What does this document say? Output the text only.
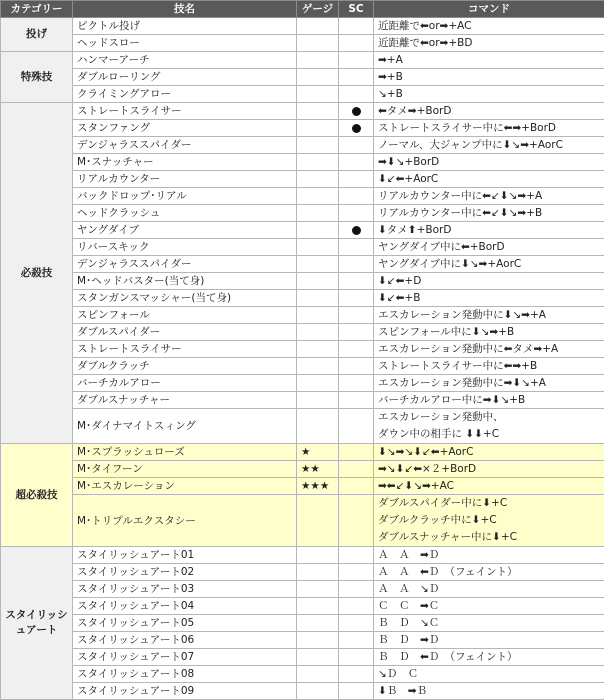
カテゴリー	技名	ゲージ	SC	コマンド
投げ	ピクトル投げ			近距離で⬅or➡+AC

	ヘッドスロー			近距離で⬅or➡+BD

特殊技	ハンマーアーチ			➡+A

	ダブルローリング			➡+B

	クライミングアロー			↘+B

必殺技	ストレートスライサー			⬅タメ➡+BorD

	スタンファング			ストレートスライサー中に⬅➡+BorD

	デンジャラススパイダー			ノーマル、大ジャンプ中に⬇↘➡+AorC

	M･スナッチャー			➡⬇↘+BorD

	リアルカウンター			⬇↙⬅+AorC

	バックドロップ･リアル			リアルカウンター中に⬅↙⬇↘➡+A

	ヘッドクラッシュ			リアルカウンター中に⬅↙⬇↘➡+B

	ヤングダイブ			⬇タメ⬆+BorD

	リバースキック			ヤングダイブ中に⬅+BorD

	デンジャラススパイダー			ヤングダイブ中に⬇↘➡+AorC

	M･ヘッドバスター(当て身)			⬇↙⬅+D

	スタンガンスマッシャー(当て身)			⬇↙⬅+B

	スピンフォール			エスカレーション発動中に⬇↘➡+A

	ダブルスパイダー			スピンフォール中に⬇↘➡+B

	ストレートスライサー			エスカレーション発動中に⬅タメ➡+A

	ダブルクラッチ			ストレートスライサー中に⬅➡+B

	バーチカルアロー			エスカレーション発動中に➡⬇↘+A

	ダブルスナッチャー			バーチカルアロー中に➡⬇↘+B

	M･ダイナマイトスィング			エスカレーション発動中、
ダウン中の相手に ⬇⬇+C

超必殺技	M･スプラッシュローズ	★		⬇↘➡↘⬇↙⬅+AorC

	M･タイフーン	★★		➡↘⬇↙⬅×２+BorD

	M･エスカレーション	★★★		➡⬅↙⬇↘➡+AC

	M･トリプルエクスタシー			ダブルスパイダー中に⬇+C
ダブルクラッチ中に⬇+C
ダブルスナッチャー中に⬇+C

スタイリッシュアート	スタイリッシュアート01			Ａ　Ａ　➡Ｄ

	スタイリッシュアート02			Ａ　Ａ　⬅Ｄ　（フェイント）

	スタイリッシュアート03			Ａ　Ａ　↘Ｄ

	スタイリッシュアート04			Ｃ　Ｃ　➡Ｃ

	スタイリッシュアート05			Ｂ　Ｄ　↘Ｃ

	スタイリッシュアート06			Ｂ　Ｄ　➡Ｄ

	スタイリッシュアート07			Ｂ　Ｄ　⬅Ｄ　（フェイント）

	スタイリッシュアート08			↘Ｄ　Ｃ

	スタイリッシュアート09			⬇Ｂ　➡Ｂ
